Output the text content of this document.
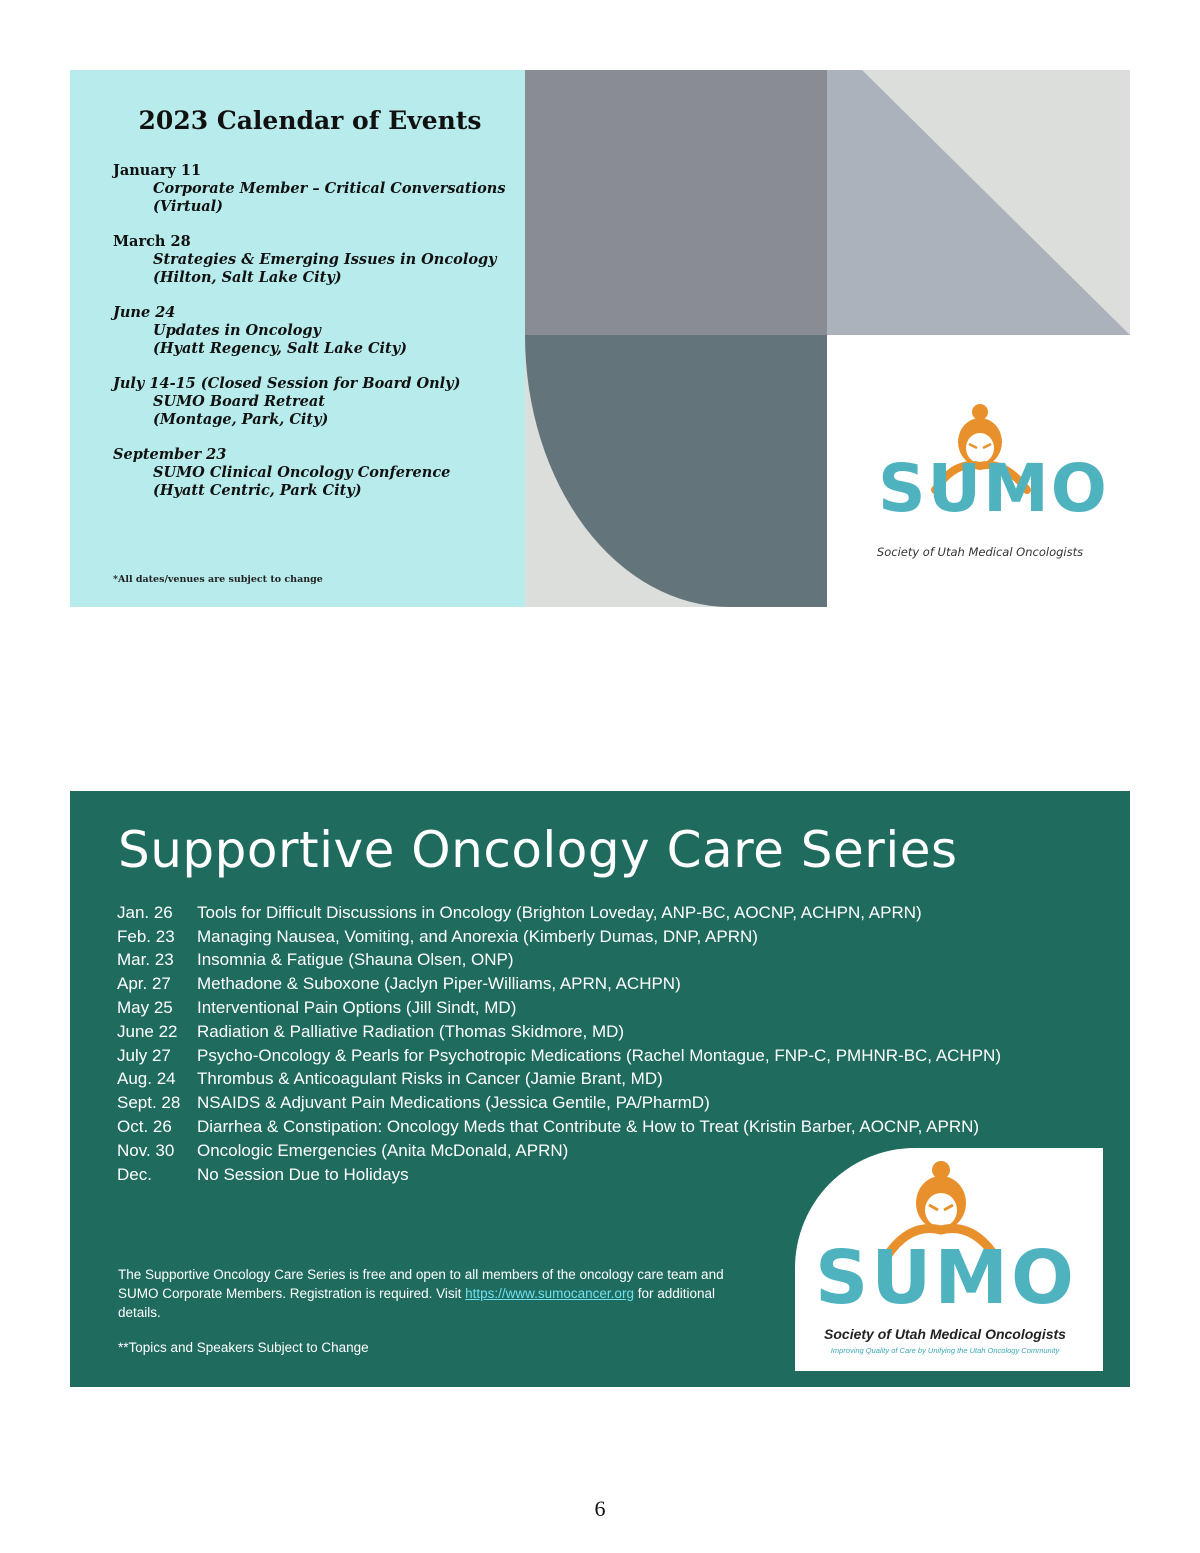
2023 Calendar of Events
January 11
Corporate Member – Critical Conversations
(Virtual)
March 28
Strategies & Emerging Issues in Oncology
(Hilton, Salt Lake City)
June 24
Updates in Oncology
(Hyatt Regency, Salt Lake City)
July 14-15 (Closed Session for Board Only)
SUMO Board Retreat
(Montage, Park, City)
September 23
SUMO Clinical Oncology Conference
(Hyatt Centric, Park City)
*All dates/venues are subject to change
SUMO
Society of Utah Medical Oncologists
Supportive Oncology Care Series
Jan. 26	Tools for Difficult Discussions in Oncology (Brighton Loveday, ANP-BC, AOCNP, ACHPN, APRN)
Feb. 23	Managing Nausea, Vomiting, and Anorexia (Kimberly Dumas, DNP, APRN)
Mar. 23	Insomnia & Fatigue (Shauna Olsen, ONP)
Apr. 27	Methadone & Suboxone (Jaclyn Piper-Williams, APRN, ACHPN)
May 25	Interventional Pain Options (Jill Sindt, MD)
June 22	Radiation & Palliative Radiation (Thomas Skidmore, MD)
July 27	Psycho-Oncology & Pearls for Psychotropic Medications (Rachel Montague, FNP-C, PMHNR-BC, ACHPN)
Aug. 24	Thrombus & Anticoagulant Risks in Cancer (Jamie Brant, MD)
Sept. 28 NSAIDS & Adjuvant Pain Medications (Jessica Gentile, PA/PharmD)
Oct. 26	Diarrhea & Constipation: Oncology Meds that Contribute & How to Treat (Kristin Barber, AOCNP, APRN)
Nov. 30	Oncologic Emergencies (Anita McDonald, APRN)
Dec.	No Session Due to Holidays
The Supportive Oncology Care Series is free and open to all members of the oncology care team and SUMO Corporate Members. Registration is required. Visit https://www.sumocancer.org for additional details.
**Topics and Speakers Subject to Change
SUMO
Society of Utah Medical Oncologists
Improving Quality of Care by Unifying the Utah Oncology Community
6
